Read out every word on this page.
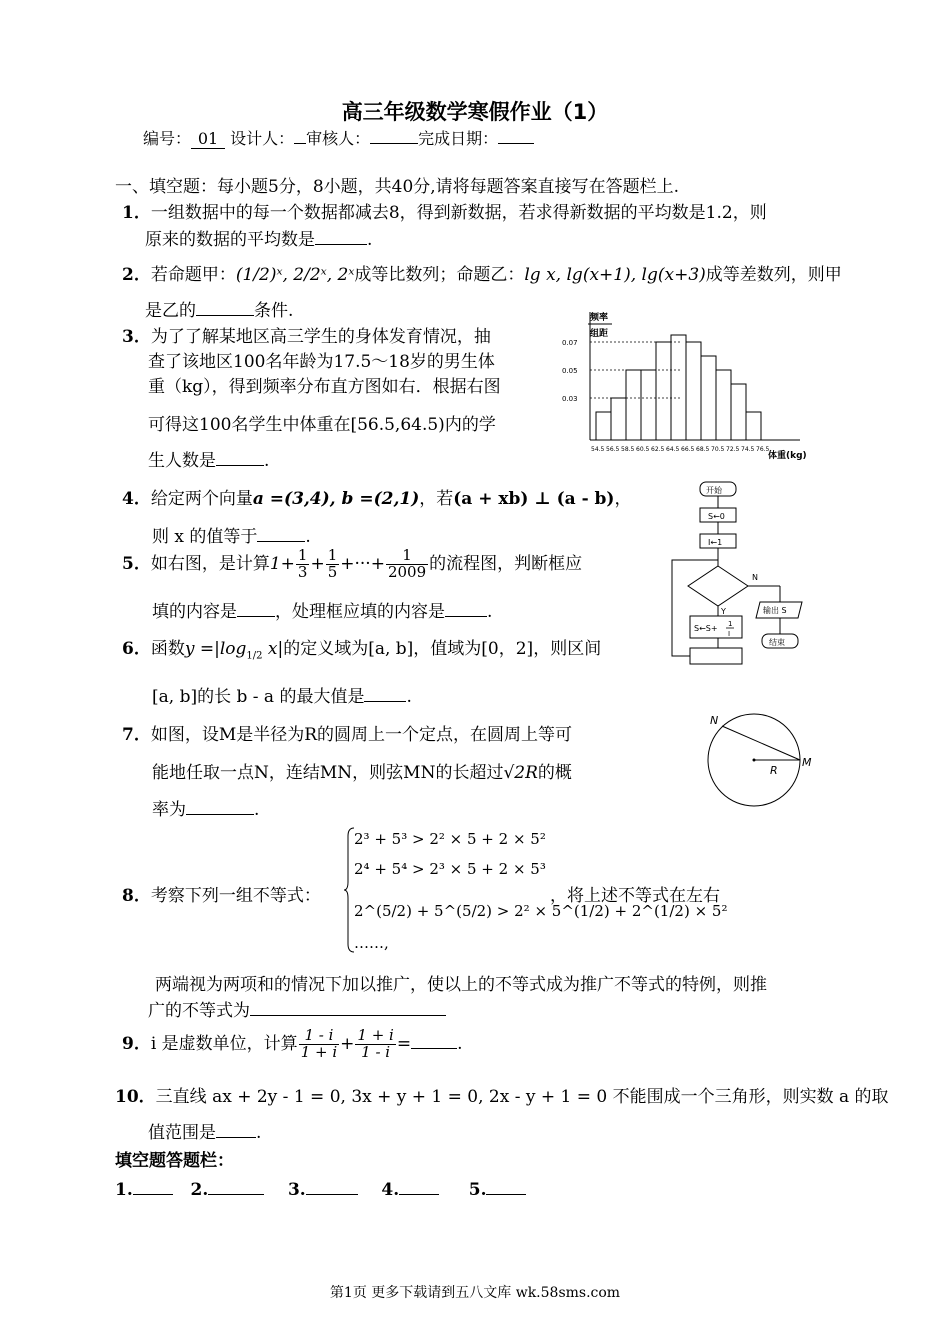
高三年级数学寒假作业（1）
编号： 01 设计人： 审核人：	完成日期：
一、填空题：每小题5分，8小题，共40分,请将每题答案直接写在答题栏上.
1．一组数据中的每一个数据都减去8，得到新数据，若求得新数据的平均数是1.2，则
原来的数据的平均数是	.
2．若命题甲：(1/2)ˣ, 2/2ˣ, 2ˣ成等比数列；命题乙：lg x, lg(x+1), lg(x+3)成等差数列，则甲
是乙的	条件.
3．为了了解某地区高三学生的身体发育情况，抽
查了该地区100名年龄为17.5～18岁的男生体
重（kg），得到频率分布直方图如右．根据右图
可得这100名学生中体重在[56.5,64.5)内的学
生人数是	.
0.07
0.05
0.03
54.5 56.5 58.5 60.5 62.5 64.5 66.5 68.5 70.5 72.5 74.5 76.5
频率
组距
体重(kg)
4．给定两个向量a =(3,4), b =(2,1)，若(a + xb) ⊥ (a - b)，
则 x 的值等于	.
5．如右图，是计算$1+ \frac{1}{3} + \frac{1}{5}$ +···+ $\frac{1}{2009}$ 的流程图，判断框应
填的内容是 ，处理框应填的内容是 .
开始
S←0
I←1
N
Y
S←S+ 1
I
输出 S
结束
6．函数$y =|\log_{1/2}$ x|的定义域为[a, b]，值域为[0，2]，则区间
[a, b]的长 b - a 的最大值是 .
7．如图，设M是半径为R的圆周上一个定点，在圆周上等可
能地任取一点N，连结MN，则弦MN的长超过√2R的概
率为	.
N
M
R
8．考察下列一组不等式：
2³ + 5³ > 2² × 5 + 2 × 5²
2⁴ + 5⁴ > 2³ × 5 + 2 × 5³
2^(5/2) + 5^(5/2) > 2² × 5^(1/2) + 2^(1/2) × 5²
……,
，将上述不等式在左右
两端视为两项和的情况下加以推广，使以上的不等式成为推广不等式的特例，则推
广的不等式为
9．i 是虚数单位，计算 $\frac{1 - i}{1 + i} + \frac{1 + i}{1 - i}$ =	.
10．三直线 ax + 2y - 1 = 0, 3x + y + 1 = 0, 2x - y + 1 = 0 不能围成一个三角形，则实数 a 的取
值范围是 .
填空题答题栏：
1.	2.	3.	4.	5.
第1页 更多下载请到五八文库 wk.58sms.com
